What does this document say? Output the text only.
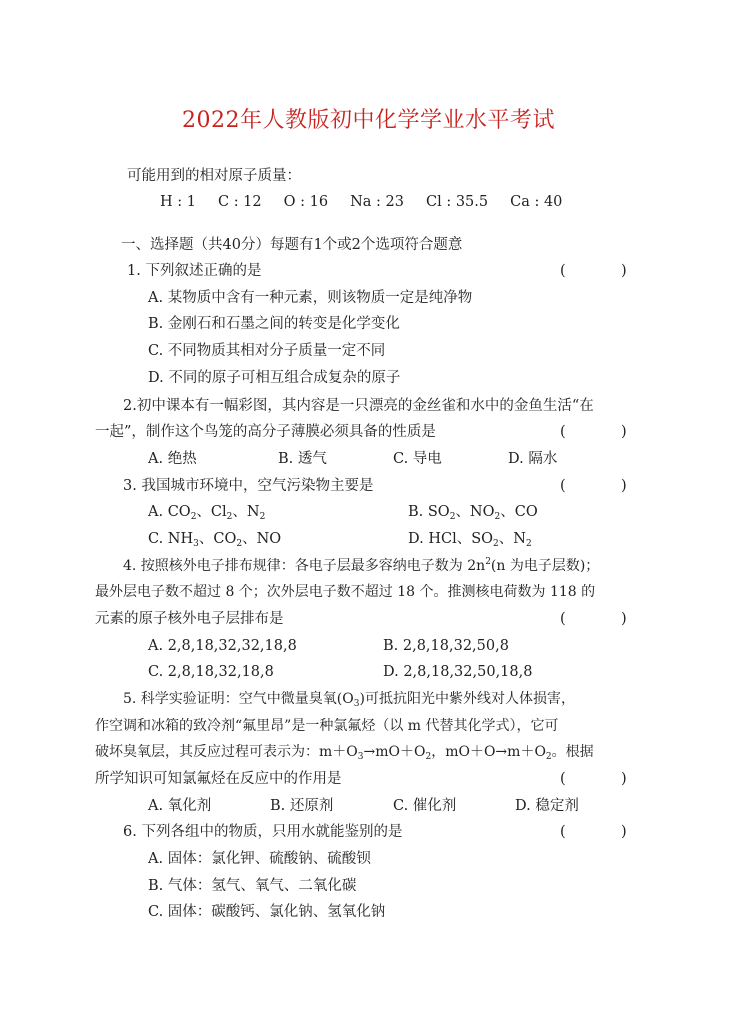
2022年人教版初中化学学业水平考试
可能用到的相对原子质量：
H : 1 C : 12 O : 16 Na : 23 Cl : 35.5 Ca : 40
一、选择题（共40分）每题有1个或2个选项符合题意
1. 下列叙述正确的是	(            )
A. 某物质中含有一种元素，则该物质一定是纯净物
B. 金刚石和石墨之间的转变是化学变化
C. 不同物质其相对分子质量一定不同
D. 不同的原子可相互组合成复杂的原子
2.初中课本有一幅彩图，其内容是一只漂亮的金丝雀和水中的金鱼生活“在
一起”，制作这个鸟笼的高分子薄膜必须具备的性质是	(            )
A. 绝热	B. 透气	C. 导电	D. 隔水
3. 我国城市环境中，空气污染物主要是	(            )
A. $CO_2$、$Cl_2$、$N_2$	B. $SO_2$、$NO_2$、CO
C. $NH_3$、$CO_2$、NO	D. HCl、$SO_2$、$N_2$
4. 按照核外电子排布规律：各电子层最多容纳电子数为 $2n^2(n$ 为电子层数)；
最外层电子数不超过 8 个；次外层电子数不超过 18 个。推测核电荷数为 118 的
元素的原子核外电子层排布是	(            )
A. 2,8,18,32,32,18,8	B. 2,8,18,32,50,8
C. 2,8,18,32,18,8	D. 2,8,18,32,50,18,8
5. 科学实验证明：空气中微量臭氧$(O_3)$可抵抗阳光中紫外线对人体损害，
作空调和冰箱的致冷剂“氟里昂”是一种氯氟烃（以 m 代替其化学式），它可
破坏臭氧层，其反应过程可表示为：$m+O_3\to mO+O_2$，$mO+O\to m+O_2$。根据
所学知识可知氯氟烃在反应中的作用是	(            )
A. 氧化剂	B. 还原剂	C. 催化剂	D. 稳定剂
6. 下列各组中的物质，只用水就能鉴别的是	(            )
A. 固体：氯化钾、硫酸钠、硫酸钡
B. 气体：氢气、氧气、二氧化碳
C. 固体：碳酸钙、氯化钠、氢氧化钠
